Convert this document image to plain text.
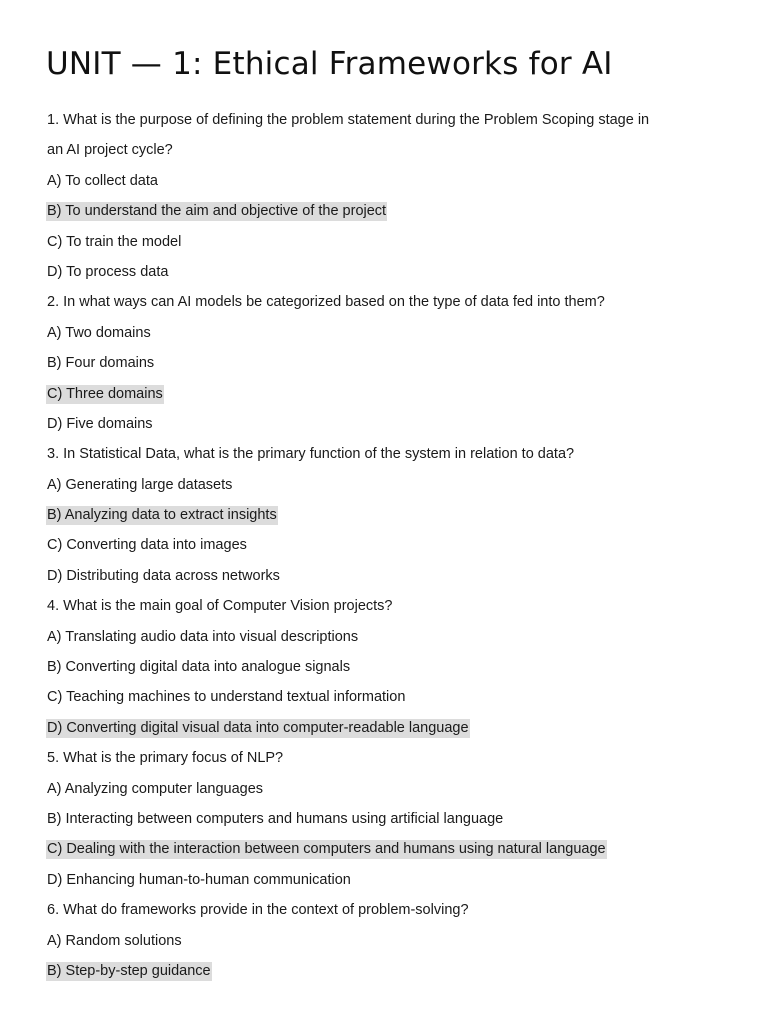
UNIT — 1: Ethical Frameworks for AI
1. What is the purpose of defining the problem statement during the Problem Scoping stage in
an AI project cycle?
A) To collect data
B) To understand the aim and objective of the project
C) To train the model
D) To process data
2. In what ways can AI models be categorized based on the type of data fed into them?
A) Two domains
B) Four domains
C) Three domains
D) Five domains
3. In Statistical Data, what is the primary function of the system in relation to data?
A) Generating large datasets
B) Analyzing data to extract insights
C) Converting data into images
D) Distributing data across networks
4. What is the main goal of Computer Vision projects?
A) Translating audio data into visual descriptions
B) Converting digital data into analogue signals
C) Teaching machines to understand textual information
D) Converting digital visual data into computer-readable language
5. What is the primary focus of NLP?
A) Analyzing computer languages
B) Interacting between computers and humans using artificial language
C) Dealing with the interaction between computers and humans using natural language
D) Enhancing human-to-human communication
6. What do frameworks provide in the context of problem-solving?
A) Random solutions
B) Step-by-step guidance
